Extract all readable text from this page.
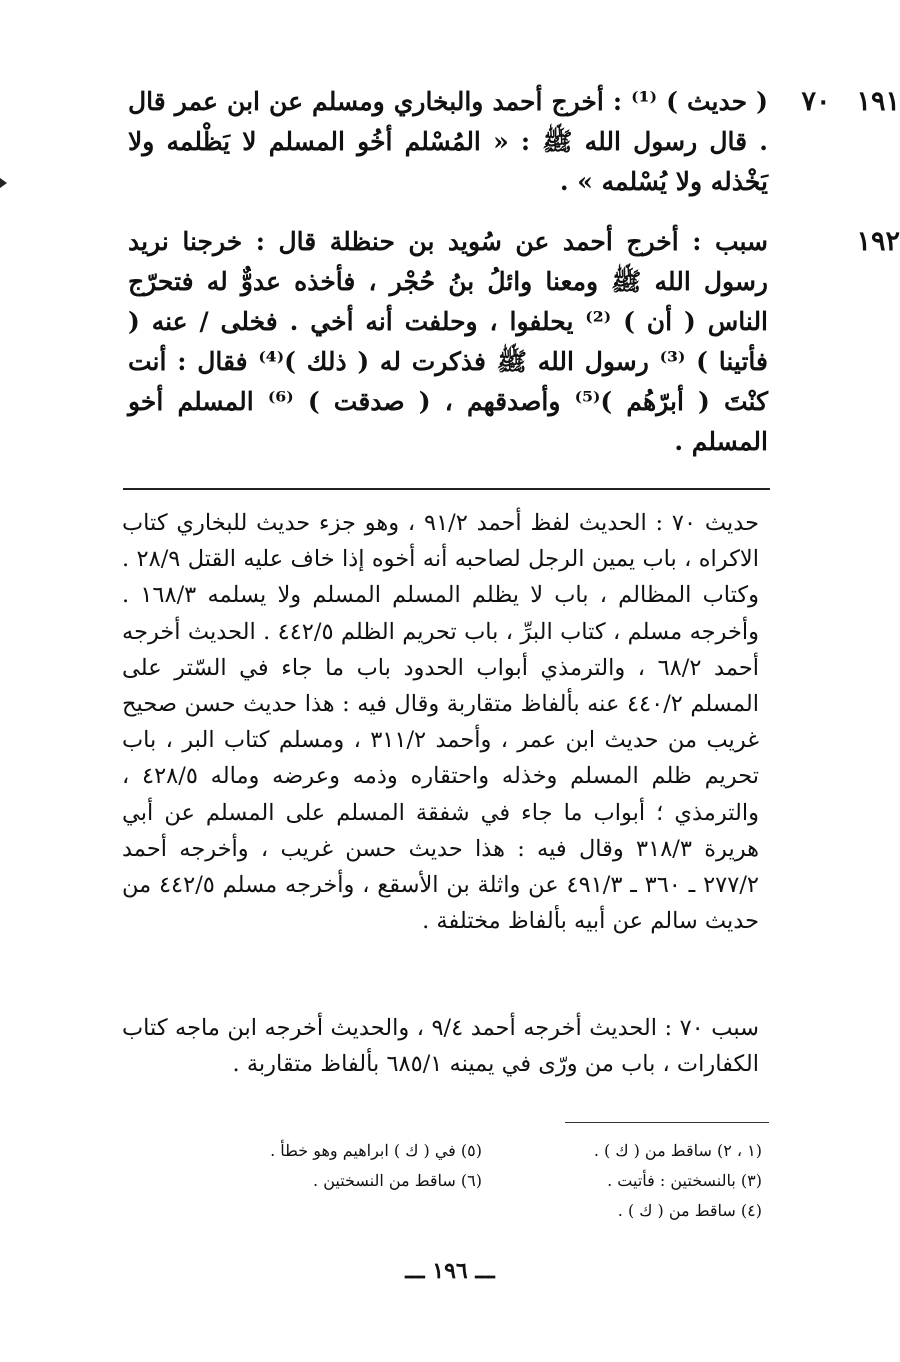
١٩١
٧٠

( حديث ) ⁽¹⁾ : أخرج أحمد والبخاري ومسلم عن ابن عمر قال . قال رسول الله ﷺ : « المُسْلم أخُو المسلم لا يَظْلمه ولا يَخْذله ولا يُسْلمه » .

١٩٢

سبب : أخرج أحمد عن سُويد بن حنظلة قال : خرجنا نريد رسول الله ﷺ ومعنا وائلُ بنُ حُجْر ، فأخذه عدوٌّ له فتحرّج الناس ( أن ) ⁽²⁾ يحلفوا ، وحلفت أنه أخي . فخلى / عنه ( فأتينا ) ⁽³⁾ رسول الله ﷺ فذكرت له ( ذلك )⁽⁴⁾ فقال : أنت كنْتَ ( أبرّهُم )⁽⁵⁾ وأصدقهم ، ( صدقت ) ⁽⁶⁾ المسلم أخو المسلم .

حديث ٧٠ : الحديث لفظ أحمد ٩١/٢ ، وهو جزء حديث للبخاري كتاب الاكراه ، باب يمين الرجل لصاحبه أنه أخوه إذا خاف عليه القتل ٢٨/٩ . وكتاب المظالم ، باب لا يظلم المسلم المسلم ولا يسلمه ١٦٨/٣ . وأخرجه مسلم ، كتاب البرِّ ، باب تحريم الظلم ٤٤٢/٥ . الحديث أخرجه أحمد ٦٨/٢ ، والترمذي أبواب الحدود باب ما جاء في السّتر على المسلم ٤٤٠/٢ عنه بألفاظ متقاربة وقال فيه : هذا حديث حسن صحيح غريب من حديث ابن عمر ، وأحمد ٣١١/٢ ، ومسلم كتاب البر ، باب تحريم ظلم المسلم وخذله واحتقاره وذمه وعرضه وماله ٤٢٨/٥ ، والترمذي ؛ أبواب ما جاء في شفقة المسلم على المسلم عن أبي هريرة ٣١٨/٣ وقال فيه : هذا حديث حسن غريب ، وأخرجه أحمد ٢٧٧/٢ ـ ٣٦٠ ـ ٤٩١/٣ عن واثلة بن الأسقع ، وأخرجه مسلم ٤٤٢/٥ من حديث سالم عن أبيه بألفاظ مختلفة .

سبب ٧٠ : الحديث أخرجه أحمد ٩/٤ ، والحديث أخرجه ابن ماجه كتاب الكفارات ، باب من ورّى في يمينه ٦٨٥/١ بألفاظ متقاربة .

(١ ، ٢) ساقط من ( ك ) .
(٣) بالنسختين : فأتيت .
(٤) ساقط من ( ك ) .
(٥) في ( ك ) ابراهيم وهو خطأ .
(٦) ساقط من النسختين .
ـــ ١٩٦ ـــ
